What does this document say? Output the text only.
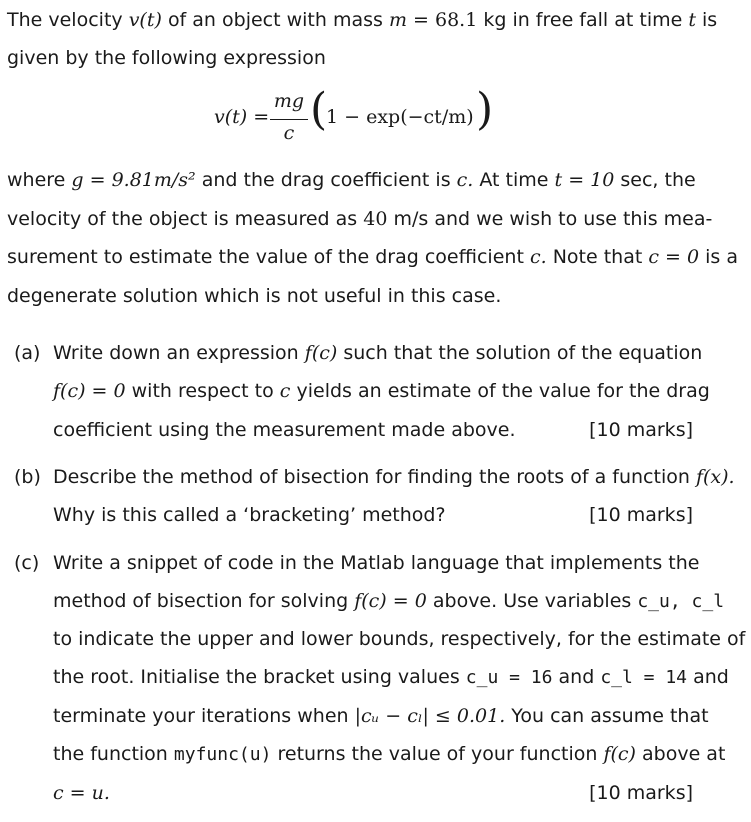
The velocity v(t) of an object with mass m = 68.1 kg in free fall at time t is
given by the following expression
v(t) =
mg
c (
1 − exp(−ct/m) )
where g = 9.81m/s² and the drag coefficient is c. At time t = 10 sec, the
velocity of the object is measured as 40 m/s and we wish to use this mea-
surement to estimate the value of the drag coefficient c. Note that c = 0 is a
degenerate solution which is not useful in this case.
(a) Write down an expression f(c) such that the solution of the equation
f(c) = 0 with respect to c yields an estimate of the value for the drag
coefficient using the measurement made above.	[10 marks]
(b) Describe the method of bisection for finding the roots of a function f(x).
Why is this called a ‘bracketing’ method?	[10 marks]
(c) Write a snippet of code in the Matlab language that implements the
method of bisection for solving f(c) = 0 above. Use variables c_u, c_l
to indicate the upper and lower bounds, respectively, for the estimate of
the root. Initialise the bracket using values c_u = 16 and c_l = 14 and
terminate your iterations when |cᵤ − cₗ| ≤ 0.01. You can assume that
the function myfunc(u) returns the value of your function f(c) above at
c = u.	[10 marks]
